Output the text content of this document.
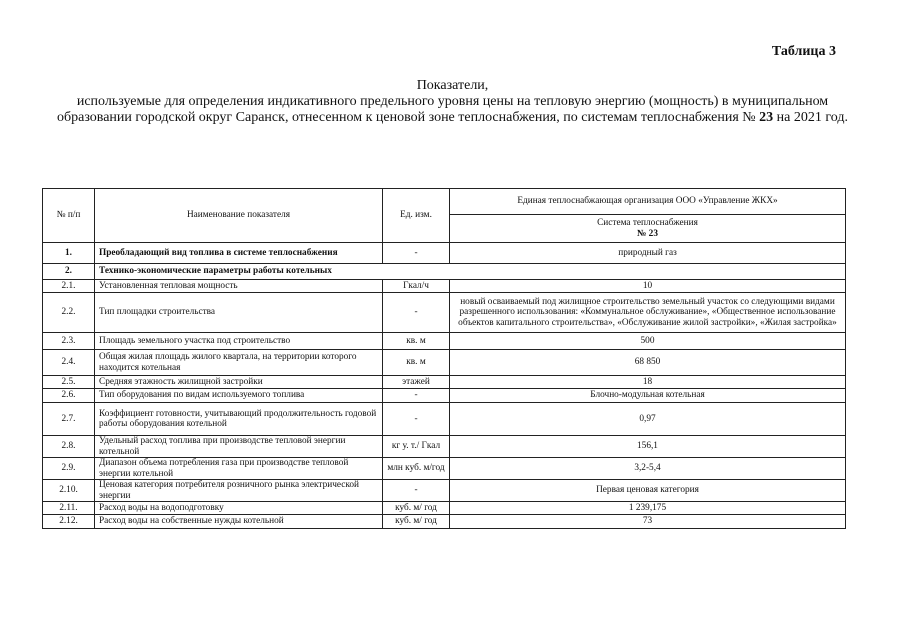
Таблица 3
Показатели,
используемые для определения индикативного предельного уровня цены на тепловую энергию (мощность) в муниципальном образовании городской округ Саранск, отнесенном к ценовой зоне теплоснабжения, по системам теплоснабжения № 23 на 2021 год.
№ п/п	Наименование показателя	Ед. изм.	Единая теплоснабжающая организация ООО «Управление ЖКХ»

			Система теплоснабжения
№ 23

1.	Преобладающий вид топлива в системе теплоснабжения	-	природный газ
2.	Технико-экономические параметры работы котельных		
2.1.	Установленная тепловая мощность	Гкал/ч	10
2.2.	Тип площадки строительства	-	новый осваиваемый под жилищное строительство земельный участок со следующими видами разрешенного использования: «Коммунальное обслуживание», «Общественное использование объектов капитального строительства», «Обслуживание жилой застройки», «Жилая застройка»
2.3.	Площадь земельного участка под строительство	кв. м	500
2.4.	Общая жилая площадь жилого квартала, на территории которого находится котельная	кв. м	68 850
2.5.	Средняя этажность жилищной застройки	этажей	18
2.6.	Тип оборудования по видам используемого топлива	-	Блочно-модульная котельная
2.7.	Коэффициент готовности, учитывающий продолжительность годовой работы оборудования котельной	-	0,97
2.8.	Удельный расход топлива при производстве тепловой энергии котельной	кг у. т./ Гкал	156,1
2.9.	Диапазон объема потребления газа при производстве тепловой энергии котельной	млн куб. м/год	3,2-5,4
2.10.	Ценовая категория потребителя розничного рынка электрической энергии	-	Первая ценовая категория
2.11.	Расход воды на водоподготовку	куб. м/ год	1 239,175
2.12.	Расход воды на собственные нужды котельной	куб. м/ год	73
